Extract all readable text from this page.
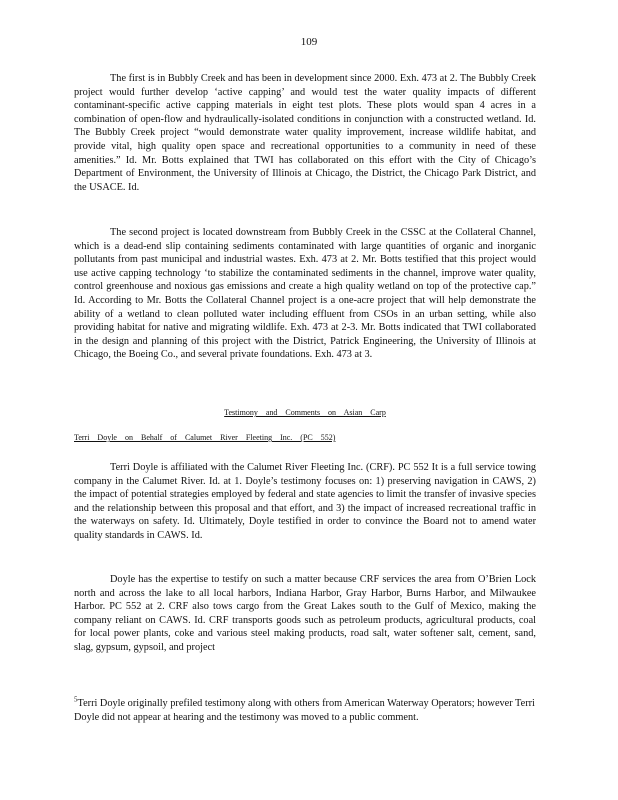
109

The first is in Bubbly Creek and has been in development since 2000. Exh. 473 at 2. The Bubbly Creek project would further develop ‘active capping’ and would test the water quality impacts of different contaminant-specific active capping materials in eight test plots. These plots would span 4 acres in a combination of open-flow and hydraulically-isolated conditions in conjunction with a constructed wetland. Id. The Bubbly Creek project “would demonstrate water quality improvement, increase wildlife habitat, and provide vital, high quality open space and recreational opportunities to a community in need of these amenities.” Id. Mr. Botts explained that TWI has collaborated on this effort with the City of Chicago’s Department of Environment, the University of Illinois at Chicago, the District, the Chicago Park District, and the USACE. Id.

The second project is located downstream from Bubbly Creek in the CSSC at the Collateral Channel, which is a dead-end slip containing sediments contaminated with large quantities of organic and inorganic pollutants from past municipal and industrial wastes. Exh. 473 at 2. Mr. Botts testified that this project would use active capping technology ‘to stabilize the contaminated sediments in the channel, improve water quality, control greenhouse and noxious gas emissions and create a high quality wetland on top of the protective cap.” Id. According to Mr. Botts the Collateral Channel project is a one-acre project that will help demonstrate the ability of a wetland to clean polluted water including effluent from CSOs in an urban setting, while also providing habitat for native and migrating wildlife. Exh. 473 at 2-3. Mr. Botts indicated that TWI collaborated in the design and planning of this project with the District, Patrick Engineering, the University of Illinois at Chicago, the Boeing Co., and several private foundations. Exh. 473 at 3.

Testimony and Comments on Asian Carp

Terri Doyle on Behalf of Calumet River Fleeting Inc. (PC 552)

Terri Doyle is affiliated with the Calumet River Fleeting Inc. (CRF). PC 552 It is a full service towing company in the Calumet River. Id. at 1. Doyle’s testimony focuses on: 1) preserving navigation in CAWS, 2) the impact of potential strategies employed by federal and state agencies to limit the transfer of invasive species and the relationship between this proposal and that effort, and 3) the impact of increased recreational traffic in the waterways on safety. Id. Ultimately, Doyle testified in order to convince the Board not to amend water quality standards in CAWS. Id.

Doyle has the expertise to testify on such a matter because CRF services the area from O’Brien Lock north and across the lake to all local harbors, Indiana Harbor, Gray Harbor, Burns Harbor, and Milwaukee Harbor. PC 552 at 2. CRF also tows cargo from the Great Lakes south to the Gulf of Mexico, making the company reliant on CAWS. Id. CRF transports goods such as petroleum products, agricultural products, coal for local power plants, coke and various steel making products, road salt, water softener salt, cement, sand, slag, gypsum, gypsoil, and project

$^5$Terri Doyle originally prefiled testimony along with others from American Waterway Operators; however Terri Doyle did not appear at hearing and the testimony was moved to a public comment.
